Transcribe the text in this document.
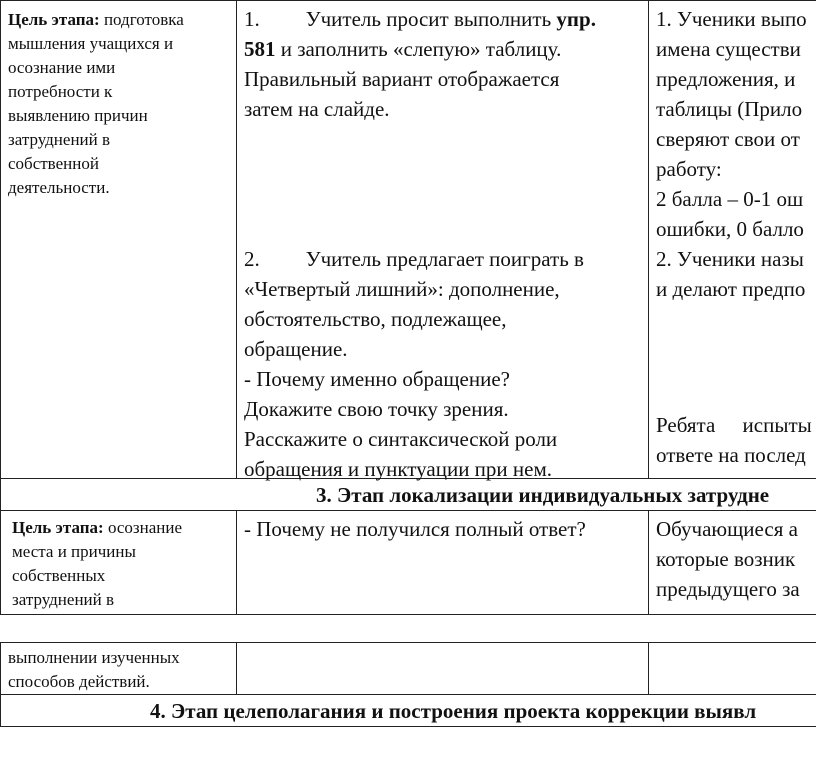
Цель этапа: подготовка

мышления учащихся и

осознание ими

потребности к

выявлению причин

затруднений в

собственной

деятельности.

1. Учитель просит выполнить упр.

581 и заполнить «слепую» таблицу.

Правильный вариант отображается

затем на слайде.

2. Учитель предлагает поиграть в

«Четвертый лишний»: дополнение,

обстоятельство, подлежащее,

обращение.

- Почему именно обращение?

Докажите свою точку зрения.

Расскажите о синтаксической роли

обращения и пунктуации при нем.

1. Ученики выпо

имена существи

предложения, и

таблицы (Прило

сверяют свои от

работу:

2 балла – 0-1 ош

ошибки, 0 балло

2. Ученики назы

и делают предпо

Ребята испыты

ответе на послед

3. Этап локализации индивидуальных затрудне

Цель этапа: осознание

места и причины

собственных

затруднений в

- Почему не получился полный ответ?	Обучающиеся а

которые возник

предыдущего за

выполнении изученных

способов действий.

4. Этап целеполагания и построения проекта коррекции выявл
